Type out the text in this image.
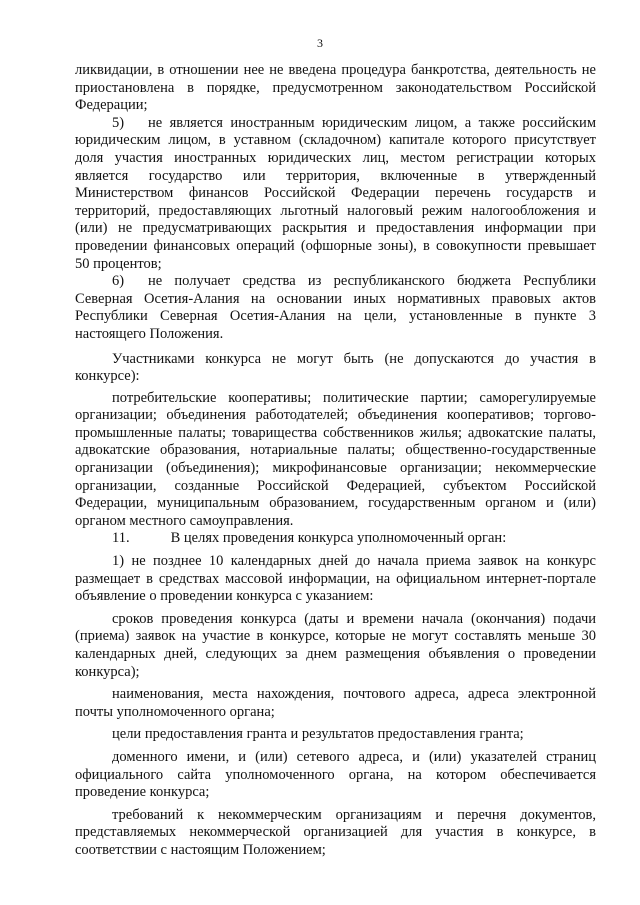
3

ликвидации, в отношении нее не введена процедура банкротства, деятельность не приостановлена в порядке, предусмотренном законодательством Российской Федерации;

5) не является иностранным юридическим лицом, а также российским юридическим лицом, в уставном (складочном) капитале которого присутствует доля участия иностранных юридических лиц, местом регистрации которых является государство или территория, включенные в утвержденный Министерством финансов Российской Федерации перечень государств и территорий, предоставляющих льготный налоговый режим налогообложения и (или) не предусматривающих раскрытия и предоставления информации при проведении финансовых операций (офшорные зоны), в совокупности превышает 50 процентов;

6) не получает средства из республиканского бюджета Республики Северная Осетия-Алания на основании иных нормативных правовых актов Республики Северная Осетия-Алания на цели, установленные в пункте 3 настоящего Положения.

Участниками конкурса не могут быть (не допускаются до участия в конкурсе):

потребительские кооперативы; политические партии; саморегулируемые организации; объединения работодателей; объединения кооперативов; торгово-промышленные палаты; товарищества собственников жилья; адвокатские палаты, адвокатские образования, нотариальные палаты; общественно-государственные организации (объединения); микрофинансовые организации; некоммерческие организации, созданные Российской Федерацией, субъектом Российской Федерации, муниципальным образованием, государственным органом и (или) органом местного самоуправления.

11.	В целях проведения конкурса уполномоченный орган:

1) не позднее 10 календарных дней до начала приема заявок на конкурс размещает в средствах массовой информации, на официальном интернет-портале объявление о проведении конкурса с указанием:

сроков проведения конкурса (даты и времени начала (окончания) подачи (приема) заявок на участие в конкурсе, которые не могут составлять меньше 30 календарных дней, следующих за днем размещения объявления о проведении конкурса);

наименования, места нахождения, почтового адреса, адреса электронной почты уполномоченного органа;

цели предоставления гранта и результатов предоставления гранта;

доменного имени, и (или) сетевого адреса, и (или) указателей страниц официального сайта уполномоченного органа, на котором обеспечивается проведение конкурса;

требований к некоммерческим организациям и перечня документов, представляемых некоммерческой организацией для участия в конкурсе, в соответствии с настоящим Положением;
